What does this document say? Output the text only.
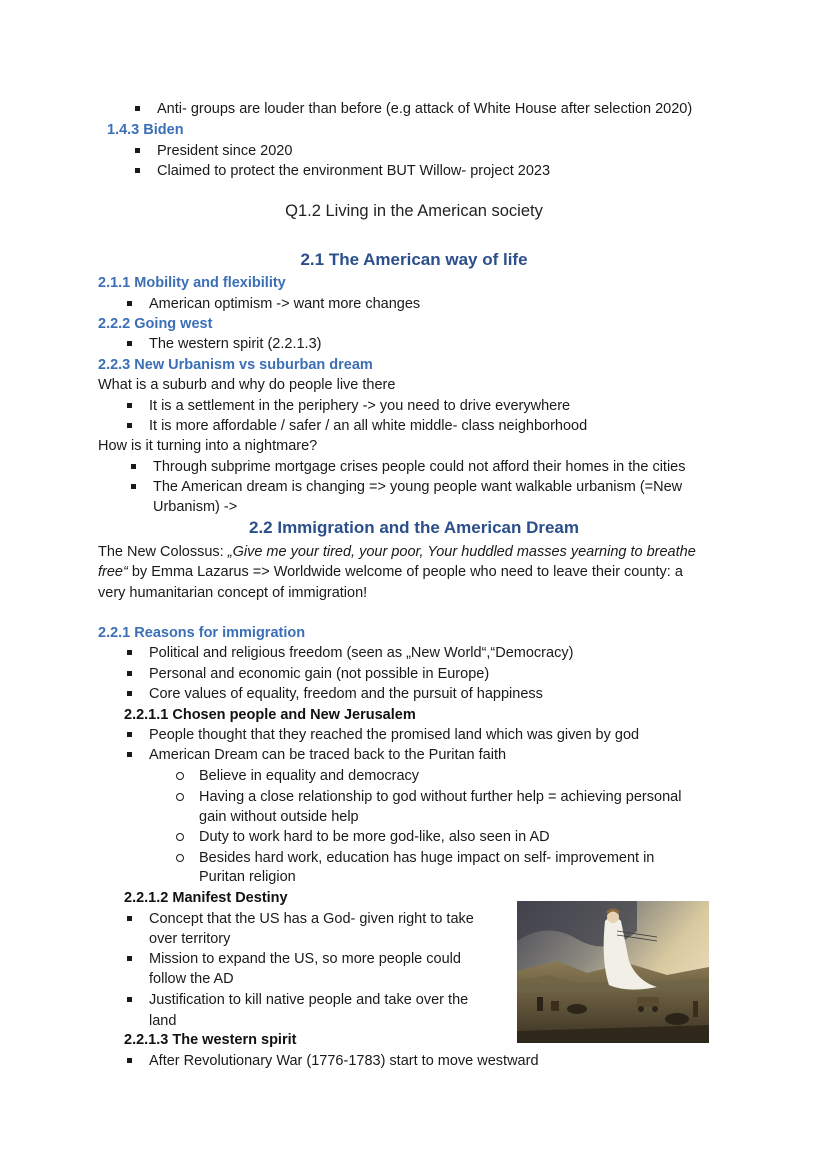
Anti- groups are louder than before (e.g attack of White House after selection 2020)
1.4.3 Biden
President since 2020
Claimed to protect the environment BUT Willow- project 2023
Q1.2 Living in the American society
2.1 The American way of life
2.1.1 Mobility and flexibility
American optimism -> want more changes
2.2.2 Going west
The western spirit (2.2.1.3)
2.2.3 New Urbanism vs suburban dream
What is a suburb and why do people live there
It is a settlement in the periphery -> you need to drive everywhere
It is more affordable / safer / an all white middle- class neighborhood
How is it turning into a nightmare?
Through subprime mortgage crises people could not afford their homes in the cities
The American dream is changing => young people want walkable urbanism (=New
Urbanism) ->
2.2 Immigration and the American Dream
The New Colossus: „Give me your tired, your poor, Your huddled masses yearning to breathe
free“ by Emma Lazarus => Worldwide welcome of people who need to leave their county: a
very humanitarian concept of immigration!
2.2.1 Reasons for immigration
Political and religious freedom (seen as „New World“,“Democracy)
Personal and economic gain (not possible in Europe)
Core values of equality, freedom and the pursuit of happiness
2.2.1.1 Chosen people and New Jerusalem
People thought that they reached the promised land which was given by god
American Dream can be traced back to the Puritan faith
Believe in equality and democracy
Having a close relationship to god without further help = achieving personal
gain without outside help
Duty to work hard to be more god-like, also seen in AD
Besides hard work, education has huge impact on self- improvement in
Puritan religion
2.2.1.2 Manifest Destiny
Concept that the US has a God- given right to take
over territory
Mission to expand the US, so more people could
follow the AD
Justification to kill native people and take over the
land
2.2.1.3 The western spirit
After Revolutionary War (1776-1783) start to move westward
